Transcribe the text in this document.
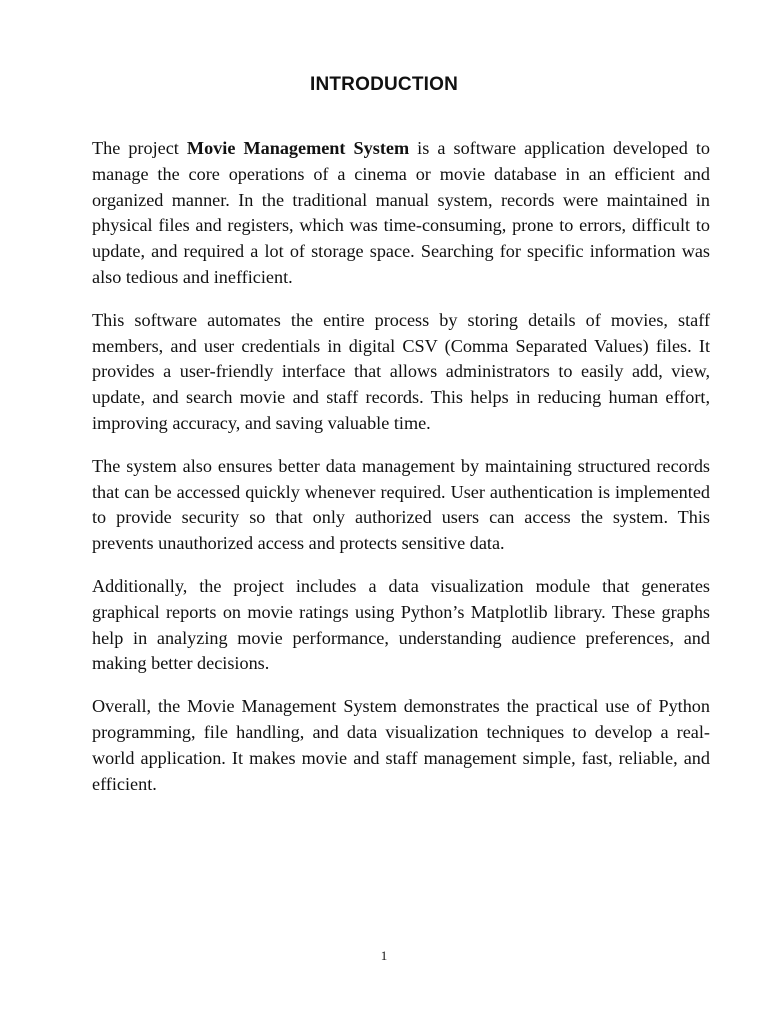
INTRODUCTION

The project Movie Management System is a software application developed to manage the core operations of a cinema or movie database in an efficient and organized manner. In the traditional manual system, records were maintained in physical files and registers, which was time-consuming, prone to errors, difficult to update, and required a lot of storage space. Searching for specific information was also tedious and inefficient.

This software automates the entire process by storing details of movies, staff members, and user credentials in digital CSV (Comma Separated Values) files. It provides a user-friendly interface that allows administrators to easily add, view, update, and search movie and staff records. This helps in reducing human effort, improving accuracy, and saving valuable time.

The system also ensures better data management by maintaining structured records that can be accessed quickly whenever required. User authentication is implemented to provide security so that only authorized users can access the system. This prevents unauthorized access and protects sensitive data.

Additionally, the project includes a data visualization module that generates graphical reports on movie ratings using Python’s Matplotlib library. These graphs help in analyzing movie performance, understanding audience preferences, and making better decisions.

Overall, the Movie Management System demonstrates the practical use of Python programming, file handling, and data visualization techniques to develop a real-world application. It makes movie and staff management simple, fast, reliable, and efficient.

1
